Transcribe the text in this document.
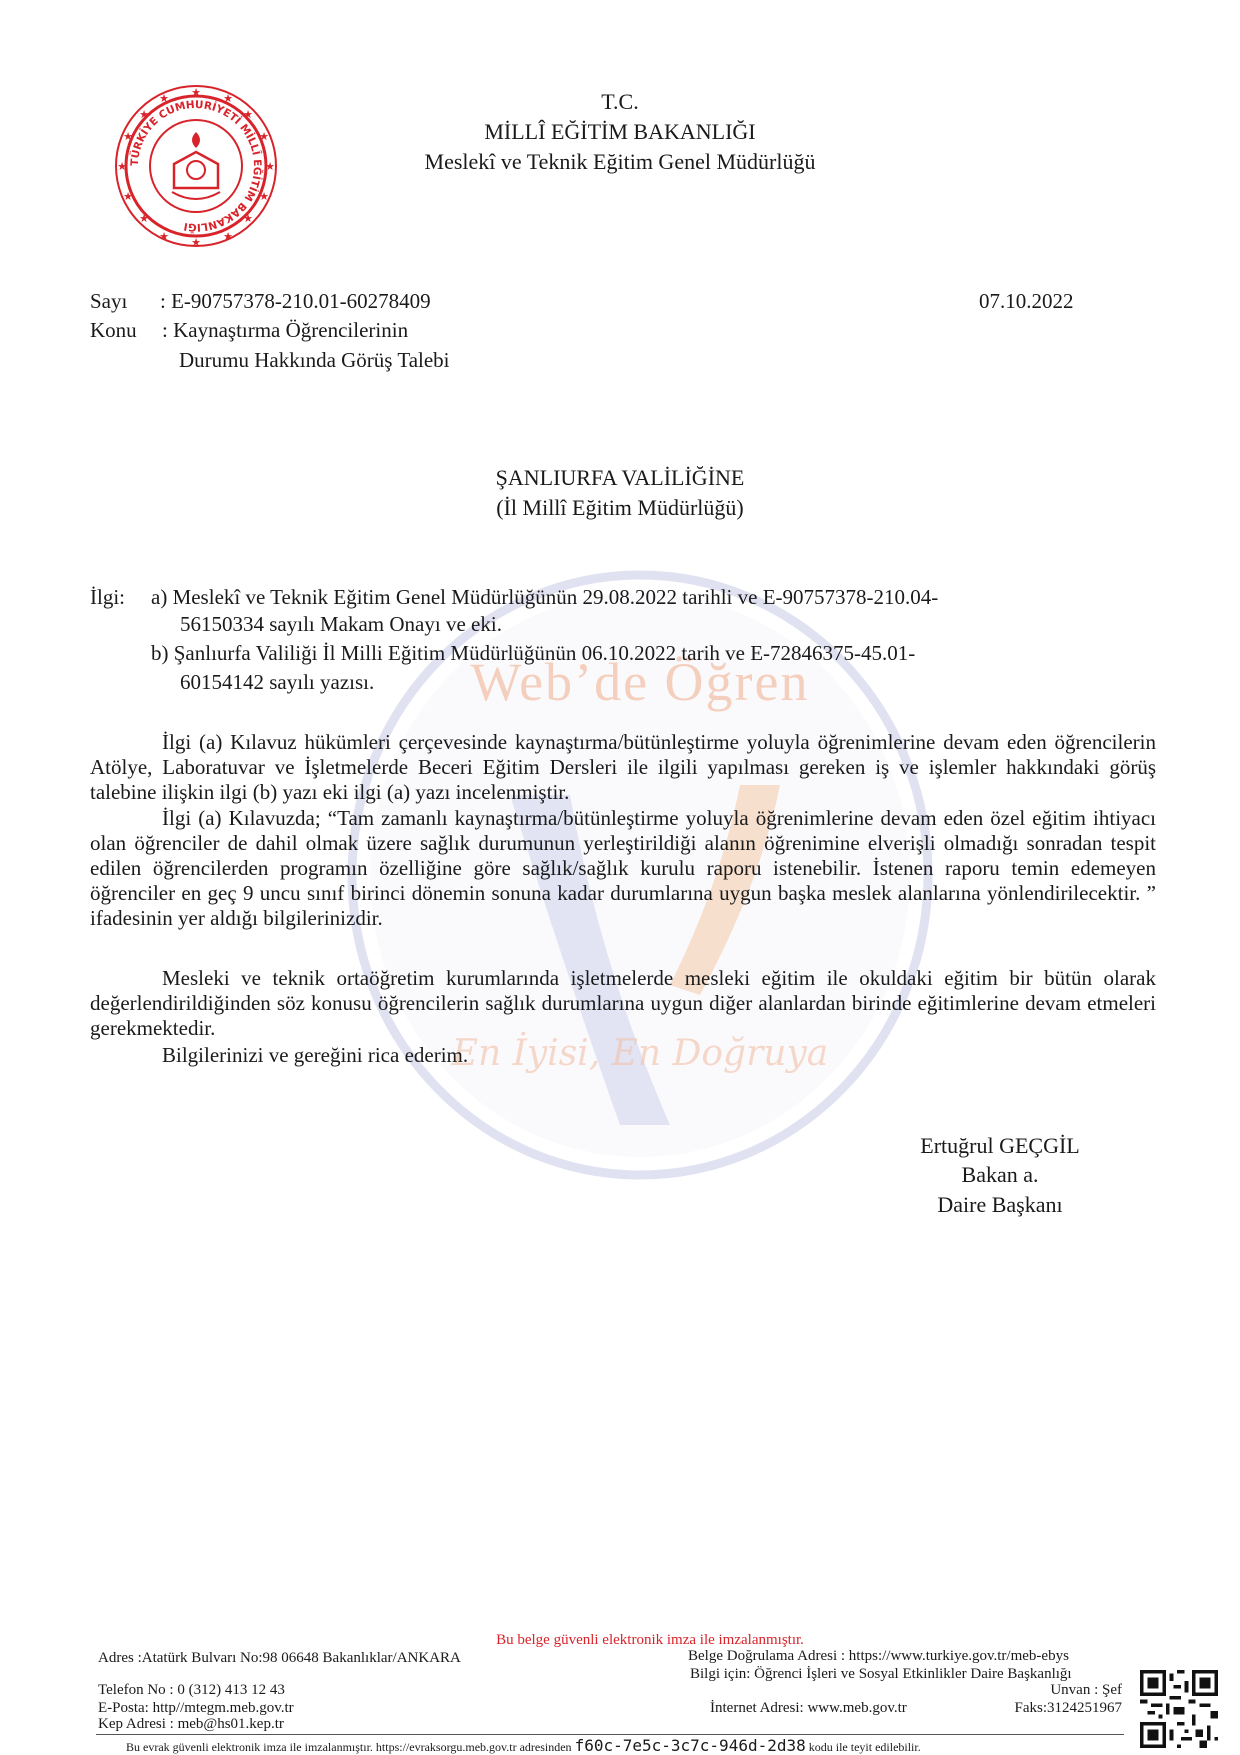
Web’de Öğren
En İyisi, En Doğruya
TÜRKİYE CUMHURİYETİ MİLLÎ EĞİTİM BAKANLIĞI
★
★
★	★
★	★
★	★
★	★
★	★
★	★
★	★
T.C.
MİLLÎ EĞİTİM BAKANLIĞI
Meslekî ve Teknik Eğitim Genel Müdürlüğü
Sayı : E-90757378-210.01-60278409	07.10.2022
Konu : Kaynaştırma Öğrencilerinin
Durumu Hakkında Görüş Talebi
ŞANLIURFA VALİLİĞİNE
(İl Millî Eğitim Müdürlüğü)
İlgi: a) Meslekî ve Teknik Eğitim Genel Müdürlüğünün 29.08.2022 tarihli ve E-90757378-210.04-
56150334 sayılı Makam Onayı ve eki.
b) Şanlıurfa Valiliği İl Milli Eğitim Müdürlüğünün 06.10.2022 tarih ve E-72846375-45.01-
60154142 sayılı yazısı.
İlgi (a) Kılavuz hükümleri çerçevesinde kaynaştırma/bütünleştirme yoluyla öğrenimlerine devam eden öğrencilerin Atölye, Laboratuvar ve İşletmelerde Beceri Eğitim Dersleri ile ilgili yapılması gereken iş ve işlemler hakkındaki görüş talebine ilişkin ilgi (b) yazı eki ilgi (a) yazı incelenmiştir.
İlgi (a) Kılavuzda; “Tam zamanlı kaynaştırma/bütünleştirme yoluyla öğrenimlerine devam eden özel eğitim ihtiyacı olan öğrenciler de dahil olmak üzere sağlık durumunun yerleştirildiği alanın öğrenimine elverişli olmadığı sonradan tespit edilen öğrencilerden programın özelliğine göre sağlık/sağlık kurulu raporu istenebilir. İstenen raporu temin edemeyen öğrenciler en geç 9 uncu sınıf birinci dönemin sonuna kadar durumlarına uygun başka meslek alanlarına yönlendirilecektir. ” ifadesinin yer aldığı bilgilerinizdir.
Mesleki ve teknik ortaöğretim kurumlarında işletmelerde mesleki eğitim ile okuldaki eğitim bir bütün olarak değerlendirildiğinden söz konusu öğrencilerin sağlık durumlarına uygun diğer alanlardan birinde eğitimlerine devam etmeleri gerekmektedir.
Bilgilerinizi ve gereğini rica ederim.
Ertuğrul GEÇGİL
Bakan a.
Daire Başkanı
Bu belge güvenli elektronik imza ile imzalanmıştır.
Adres :Atatürk Bulvarı No:98 06648 Bakanlıklar/ANKARA	Belge Doğrulama Adresi : https://www.turkiye.gov.tr/meb-ebys
Bilgi için: Öğrenci İşleri ve Sosyal Etkinlikler Daire Başkanlığı
Unvan : Şef
Telefon No : 0 (312) 413 12 43
E-Posta: http//mtegm.meb.gov.tr	İnternet Adresi: www.meb.gov.tr	Faks:3124251967
Kep Adresi : meb@hs01.kep.tr
Bu evrak güvenli elektronik imza ile imzalanmıştır. https://evraksorgu.meb.gov.tr adresinden f60c-7e5c-3c7c-946d-2d38 kodu ile teyit edilebilir.
